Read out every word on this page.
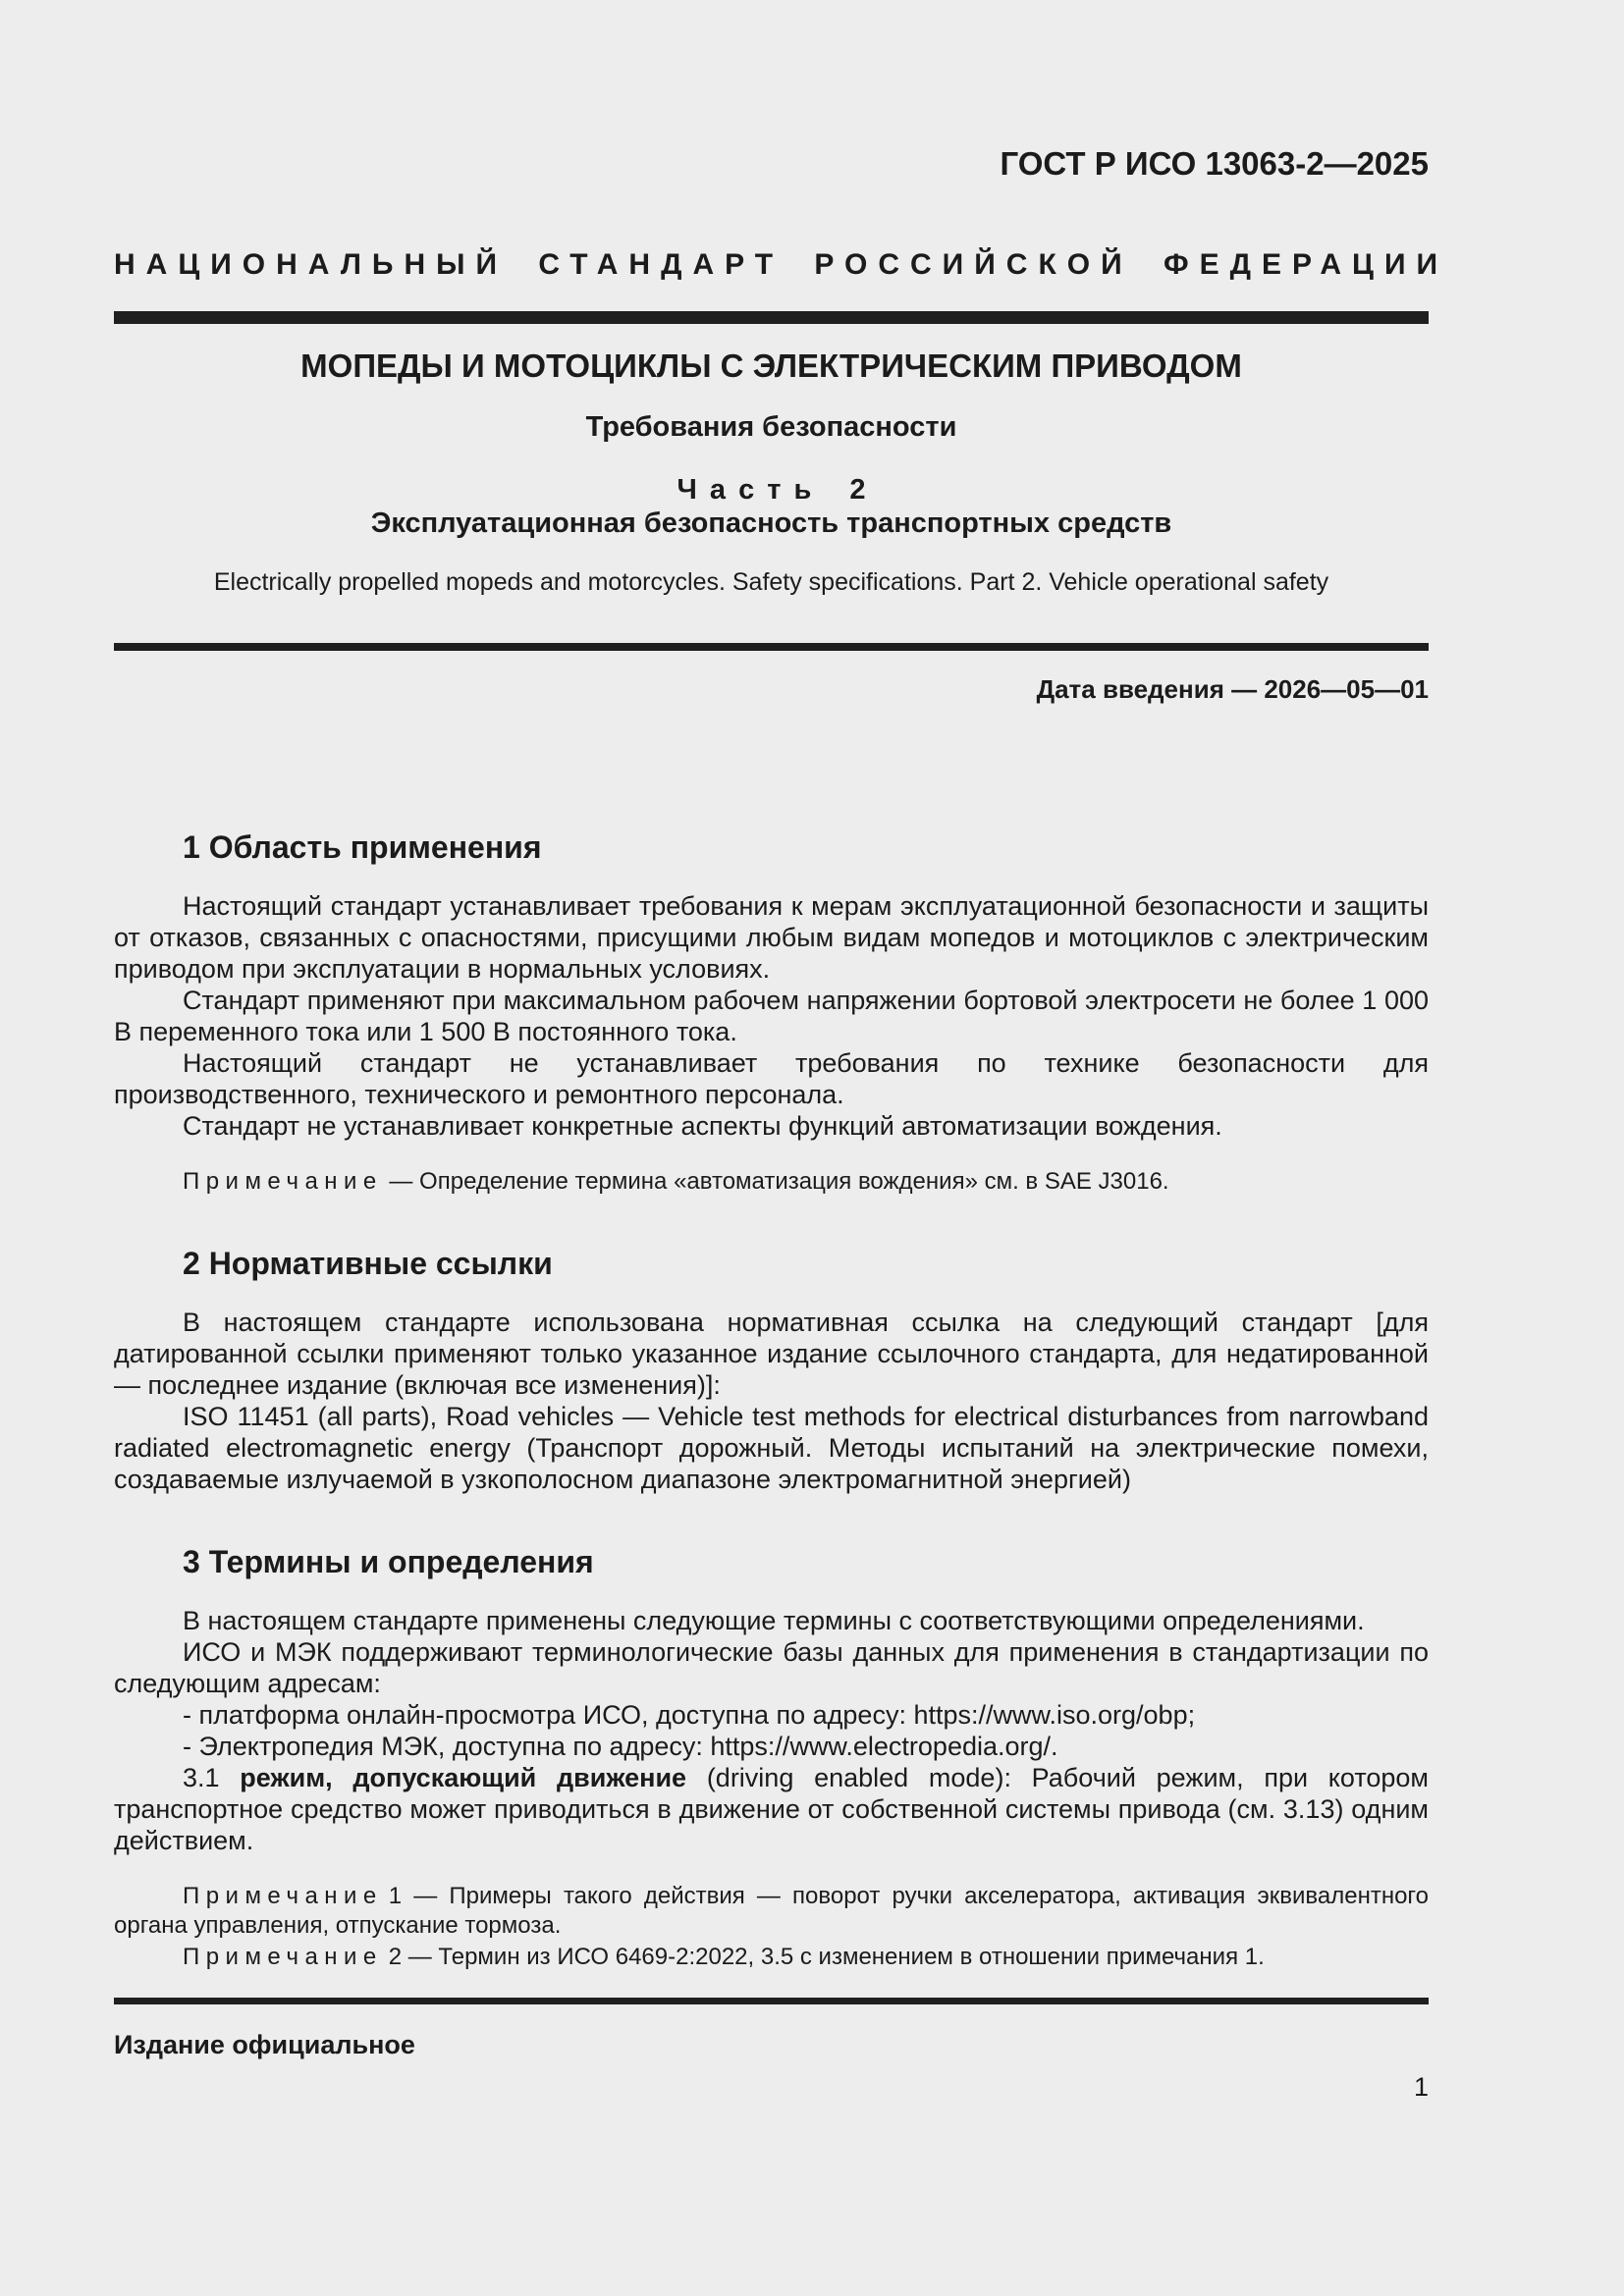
ГОСТ Р ИСО 13063-2—2025
НАЦИОНАЛЬНЫЙ СТАНДАРТ РОССИЙСКОЙ ФЕДЕРАЦИИ
МОПЕДЫ И МОТОЦИКЛЫ С ЭЛЕКТРИЧЕСКИМ ПРИВОДОМ
Требования безопасности
Часть 2
Эксплуатационная безопасность транспортных средств
Electrically propelled mopeds and motorcycles. Safety specifications. Part 2. Vehicle operational safety
Дата введения — 2026—05—01
1 Область применения

Настоящий стандарт устанавливает требования к мерам эксплуатационной безопасности и защиты от отказов, связанных с опасностями, присущими любым видам мопедов и мотоциклов с электрическим приводом при эксплуатации в нормальных условиях.

Стандарт применяют при максимальном рабочем напряжении бортовой электросети не более 1 000 В переменного тока или 1 500 В постоянного тока.

Настоящий стандарт не устанавливает требования по технике безопасности для производственного, технического и ремонтного персонала.

Стандарт не устанавливает конкретные аспекты функций автоматизации вождения.

Примечание — Определение термина «автоматизация вождения» см. в SAE J3016.

2 Нормативные ссылки

В настоящем стандарте использована нормативная ссылка на следующий стандарт [для датированной ссылки применяют только указанное издание ссылочного стандарта, для недатированной — последнее издание (включая все изменения)]:

ISO 11451 (all parts), Road vehicles — Vehicle test methods for electrical disturbances from narrowband radiated electromagnetic energy (Транспорт дорожный. Методы испытаний на электрические помехи, создаваемые излучаемой в узкополосном диапазоне электромагнитной энергией)

3 Термины и определения

В настоящем стандарте применены следующие термины с соответствующими определениями.

ИСО и МЭК поддерживают терминологические базы данных для применения в стандартизации по следующим адресам:

- платформа онлайн-просмотра ИСО, доступна по адресу: https://www.iso.org/obp;

- Электропедия МЭК, доступна по адресу: https://www.electropedia.org/.

3.1 режим, допускающий движение (driving enabled mode): Рабочий режим, при котором транспортное средство может приводиться в движение от собственной системы привода (см. 3.13) одним действием.

Примечание 1 — Примеры такого действия — поворот ручки акселератора, активация эквивалентного органа управления, отпускание тормоза.

Примечание 2 — Термин из ИСО 6469-2:2022, 3.5 с изменением в отношении примечания 1.

Издание официальное
1
